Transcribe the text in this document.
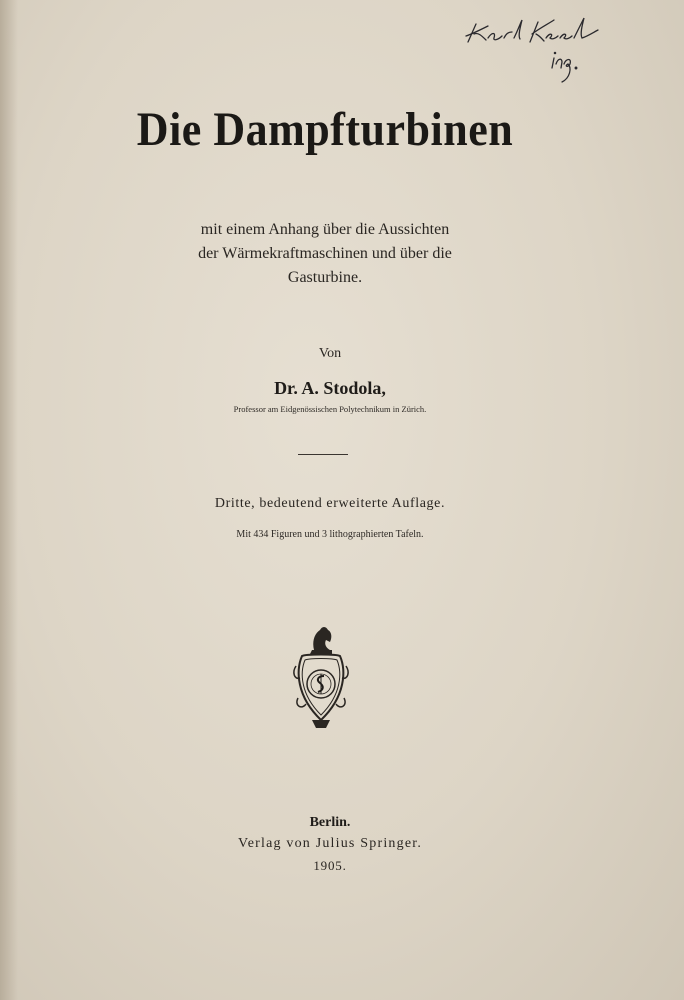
Die Dampfturbinen
mit einem Anhang über die Aussichten
der Wärmekraftmaschinen und über die
Gasturbine.
Von
Dr. A. Stodola,
Professor am Eidgenössischen Polytechnikum in Zürich.
Dritte, bedeutend erweiterte Auflage.
Mit 434 Figuren und 3 lithographierten Tafeln.
Berlin.
Verlag von Julius Springer.
1905.
